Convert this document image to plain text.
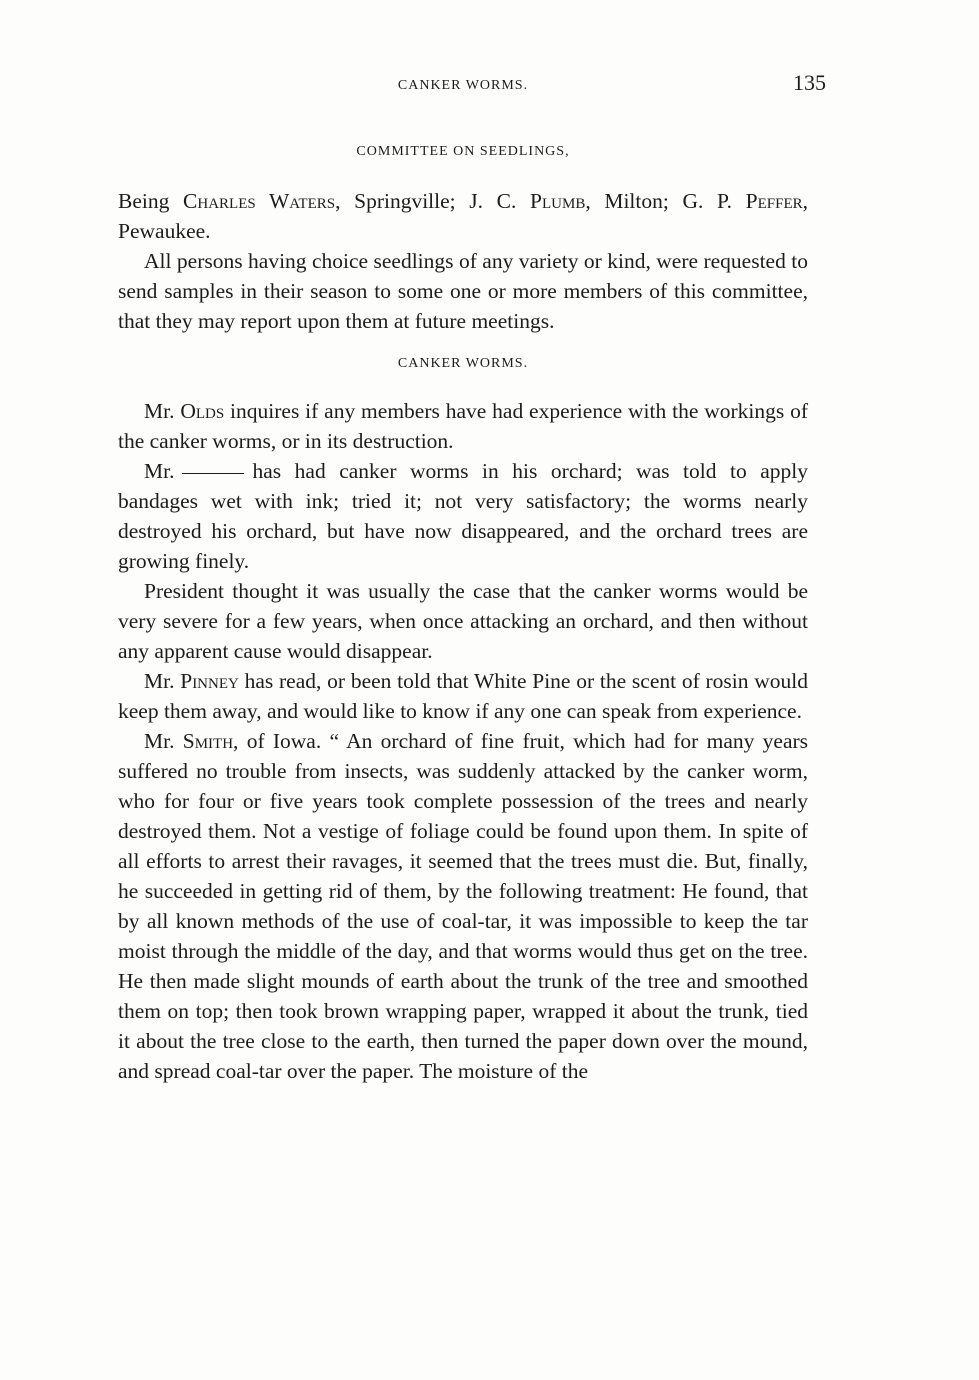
CANKER WORMS.	135
COMMITTEE ON SEEDLINGS,

Being Charles Waters, Springville; J. C. Plumb, Milton; G. P. Peffer, Pewaukee.

All persons having choice seedlings of any variety or kind, were requested to send samples in their season to some one or more members of this committee, that they may report upon them at future meetings.

CANKER WORMS.

Mr. Olds inquires if any members have had experience with the workings of the canker worms, or in its destruction.

Mr.	has had canker worms in his orchard; was told to apply bandages wet with ink; tried it; not very satisfactory; the worms nearly destroyed his orchard, but have now disappeared, and the orchard trees are growing finely.

President thought it was usually the case that the canker worms would be very severe for a few years, when once attacking an orchard, and then without any apparent cause would disappear.

Mr. Pinney has read, or been told that White Pine or the scent of rosin would keep them away, and would like to know if any one can speak from experience.

Mr. Smith, of Iowa. “ An orchard of fine fruit, which had for many years suffered no trouble from insects, was suddenly attacked by the canker worm, who for four or five years took complete possession of the trees and nearly destroyed them. Not a vestige of foliage could be found upon them. In spite of all efforts to arrest their ravages, it seemed that the trees must die. But, finally, he succeeded in getting rid of them, by the following treatment: He found, that by all known methods of the use of coal-tar, it was impossible to keep the tar moist through the middle of the day, and that worms would thus get on the tree. He then made slight mounds of earth about the trunk of the tree and smoothed them on top; then took brown wrapping paper, wrapped it about the trunk, tied it about the tree close to the earth, then turned the paper down over the mound, and spread coal-tar over the paper. The moisture of the
